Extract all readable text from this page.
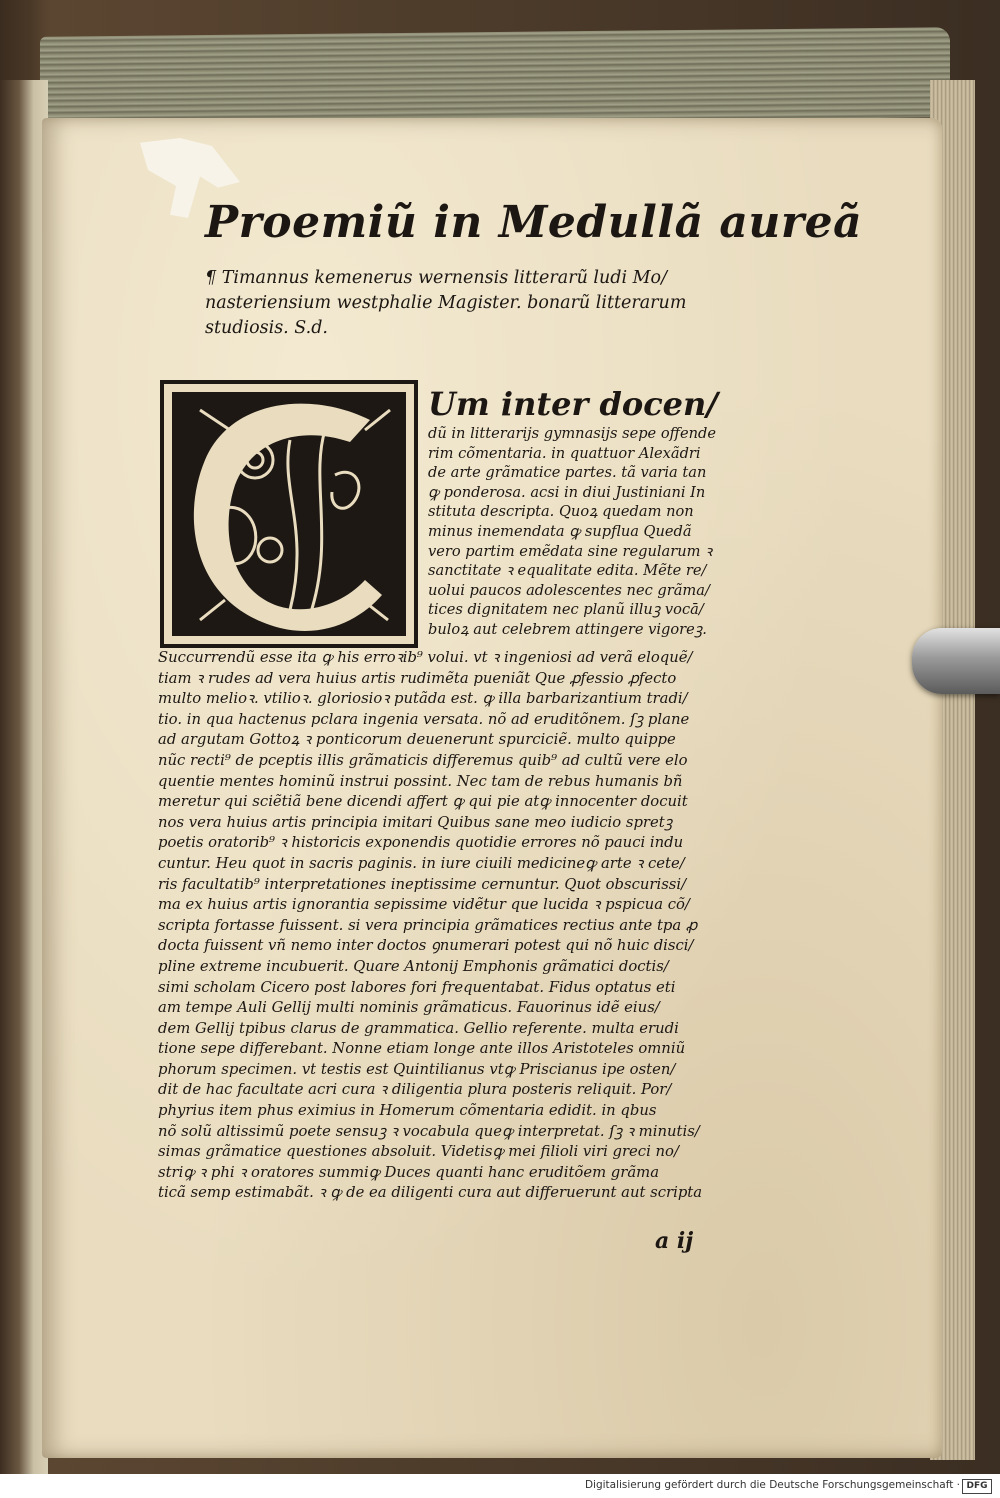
Proemiũ in Medullã aureã
¶ Timannus kemenerus wernensis litterarũ ludi Mo/
nasteriensium westphalie Magister. bonarũ litterarum
studiosis. S.d.
Um inter docen/
dũ in litterarijs gymnasijs sepe offende
rim cõmentaria. in quattuor Alexãdri
de arte grãmatice partes. tã varia tan
ꝙ ponderosa. acsi in diui Justiniani In
stituta descripta. Quoꝝ quedam non
minus inemendata ꝙ supflua Quedã
vero partim emẽdata sine regularum ꝛ
sanctitate ꝛ equalitate edita. Mẽte re/
uolui paucos adolescentes nec grãma/
tices dignitatem nec planũ illuꝫ vocā/
buloꝝ aut celebrem attingere vigoreꝫ.
Succurrendũ esse ita ꝙ his erroꝛib⁹ volui. vt ꝛ ingeniosi ad verã eloquẽ/
tiam ꝛ rudes ad vera huius artis rudimẽta pueniãt Que ꝓfessio ꝓfecto
multo melioꝛ. vtilioꝛ. gloriosioꝛ putãda est. ꝙ illa barbarizantium tradi/
tio. in qua hactenus pclara ingenia versata. nõ ad eruditõnem. ſꝫ plane
ad argutam Gottoꝝ ꝛ ponticorum deuenerunt spurciciẽ. multo quippe
nũc recti⁹ de pceptis illis grãmaticis differemus quib⁹ ad cultũ vere elo
quentie mentes hominũ instrui possint. Nec tam de rebus humanis bñ
meretur qui sciẽtiã bene dicendi affert ꝙ qui pie atꝙ innocenter docuit
nos vera huius artis principia imitari Quibus sane meo iudicio spretꝫ
poetis oratorib⁹ ꝛ historicis exponendis quotidie errores nõ pauci indu
cuntur. Heu quot in sacris paginis. in iure ciuili medicineꝙ arte ꝛ cete/
ris facultatib⁹ interpretationes ineptissime cernuntur. Quot obscurissi/
ma ex huius artis ignorantia sepissime vidẽtur que lucida ꝛ pspicua cõ/
scripta fortasse fuissent. si vera principia grãmatices rectius ante tpa ꝓ
docta fuissent vñ nemo inter doctos ꝯnumerari potest qui nõ huic disci/
pline extreme incubuerit. Quare Antonij Emphonis grãmatici doctis/
simi scholam Cicero post labores fori frequentabat. Fidus optatus eti
am tempe Auli Gellij multi nominis grãmaticus. Fauorinus idẽ eius/
dem Gellij tpibus clarus de grammatica. Gellio referente. multa erudi
tione sepe differebant. Nonne etiam longe ante illos Aristoteles omniũ
phorum specimen. vt testis est Quintilianus vtꝙ Priscianus ipe osten/
dit de hac facultate acri cura ꝛ diligentia plura posteris reliquit. Por/
phyrius item phus eximius in Homerum cõmentaria edidit. in qbus
nõ solũ altissimũ poete sensuꝫ ꝛ vocabula queꝙ interpretat. ſꝫ ꝛ minutis/
simas grãmatice questiones absoluit. Videtisꝙ mei filioli viri greci no/
striꝙ ꝛ phi ꝛ oratores summiꝙ Duces quanti hanc eruditõem grãma
ticã semp estimabãt. ꝛ ꝙ de ea diligenti cura aut differuerunt aut scripta
a ij
Digitalisierung gefördert durch die Deutsche Forschungsgemeinschaft · DFG
